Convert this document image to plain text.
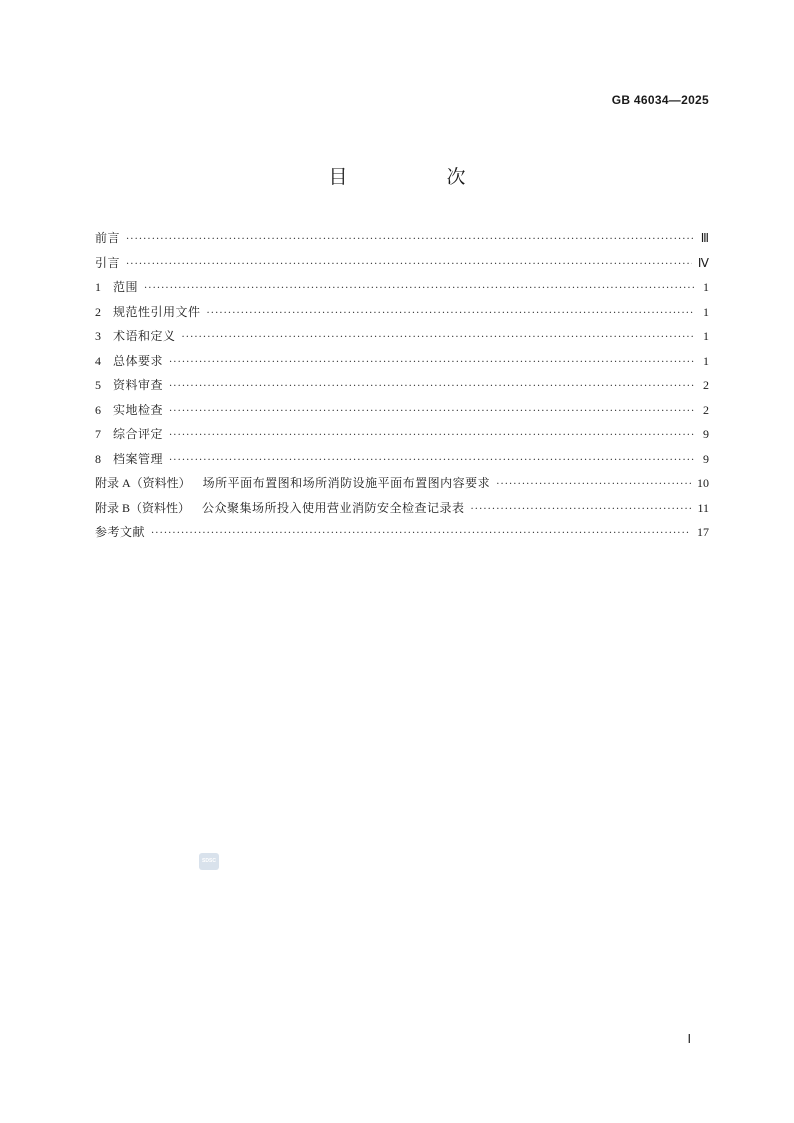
GB 46034—2025
目　次
前言 ·····	Ⅲ
引言 ·····	Ⅳ
1 范围 ·····	1
2 规范性引用文件 ·····	1
3 术语和定义 ·····	1
4 总体要求 ·····	1
5 资料审查 ·····	2
6 实地检查 ·····	2
7 综合评定 ·····	9
8 档案管理 ·····	9
附录 A（资料性） 场所平面布置图和场所消防设施平面布置图内容要求 ·····	10
附录 B（资料性） 公众聚集场所投入使用营业消防安全检查记录表 ·····	11
参考文献 ·····	17
SDSC
Ⅰ
